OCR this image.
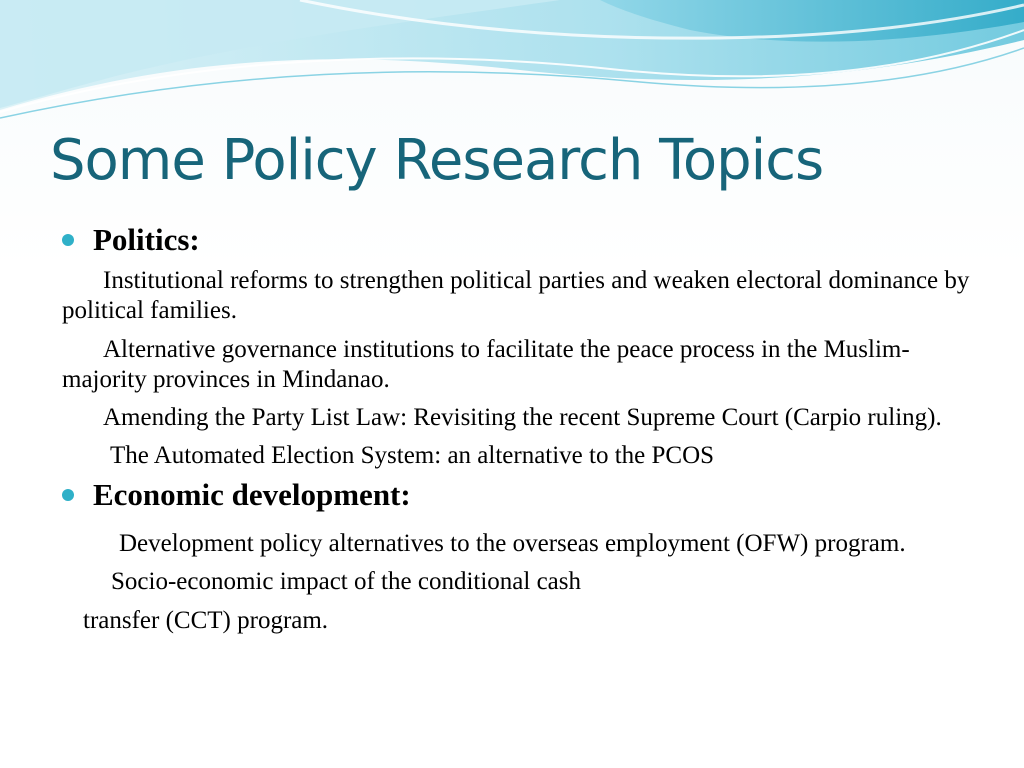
Some Policy Research Topics
Politics:

Institutional reforms to strengthen political parties and weaken electoral dominance by political families.

Alternative governance institutions to facilitate the peace process in the Muslim-majority provinces in Mindanao.

Amending the Party List Law: Revisiting the recent Supreme Court (Carpio ruling).

The Automated Election System: an alternative to the PCOS

Economic development:

Development policy alternatives to the overseas employment (OFW) program.

Socio-economic impact of the conditional cash

transfer (CCT) program.
